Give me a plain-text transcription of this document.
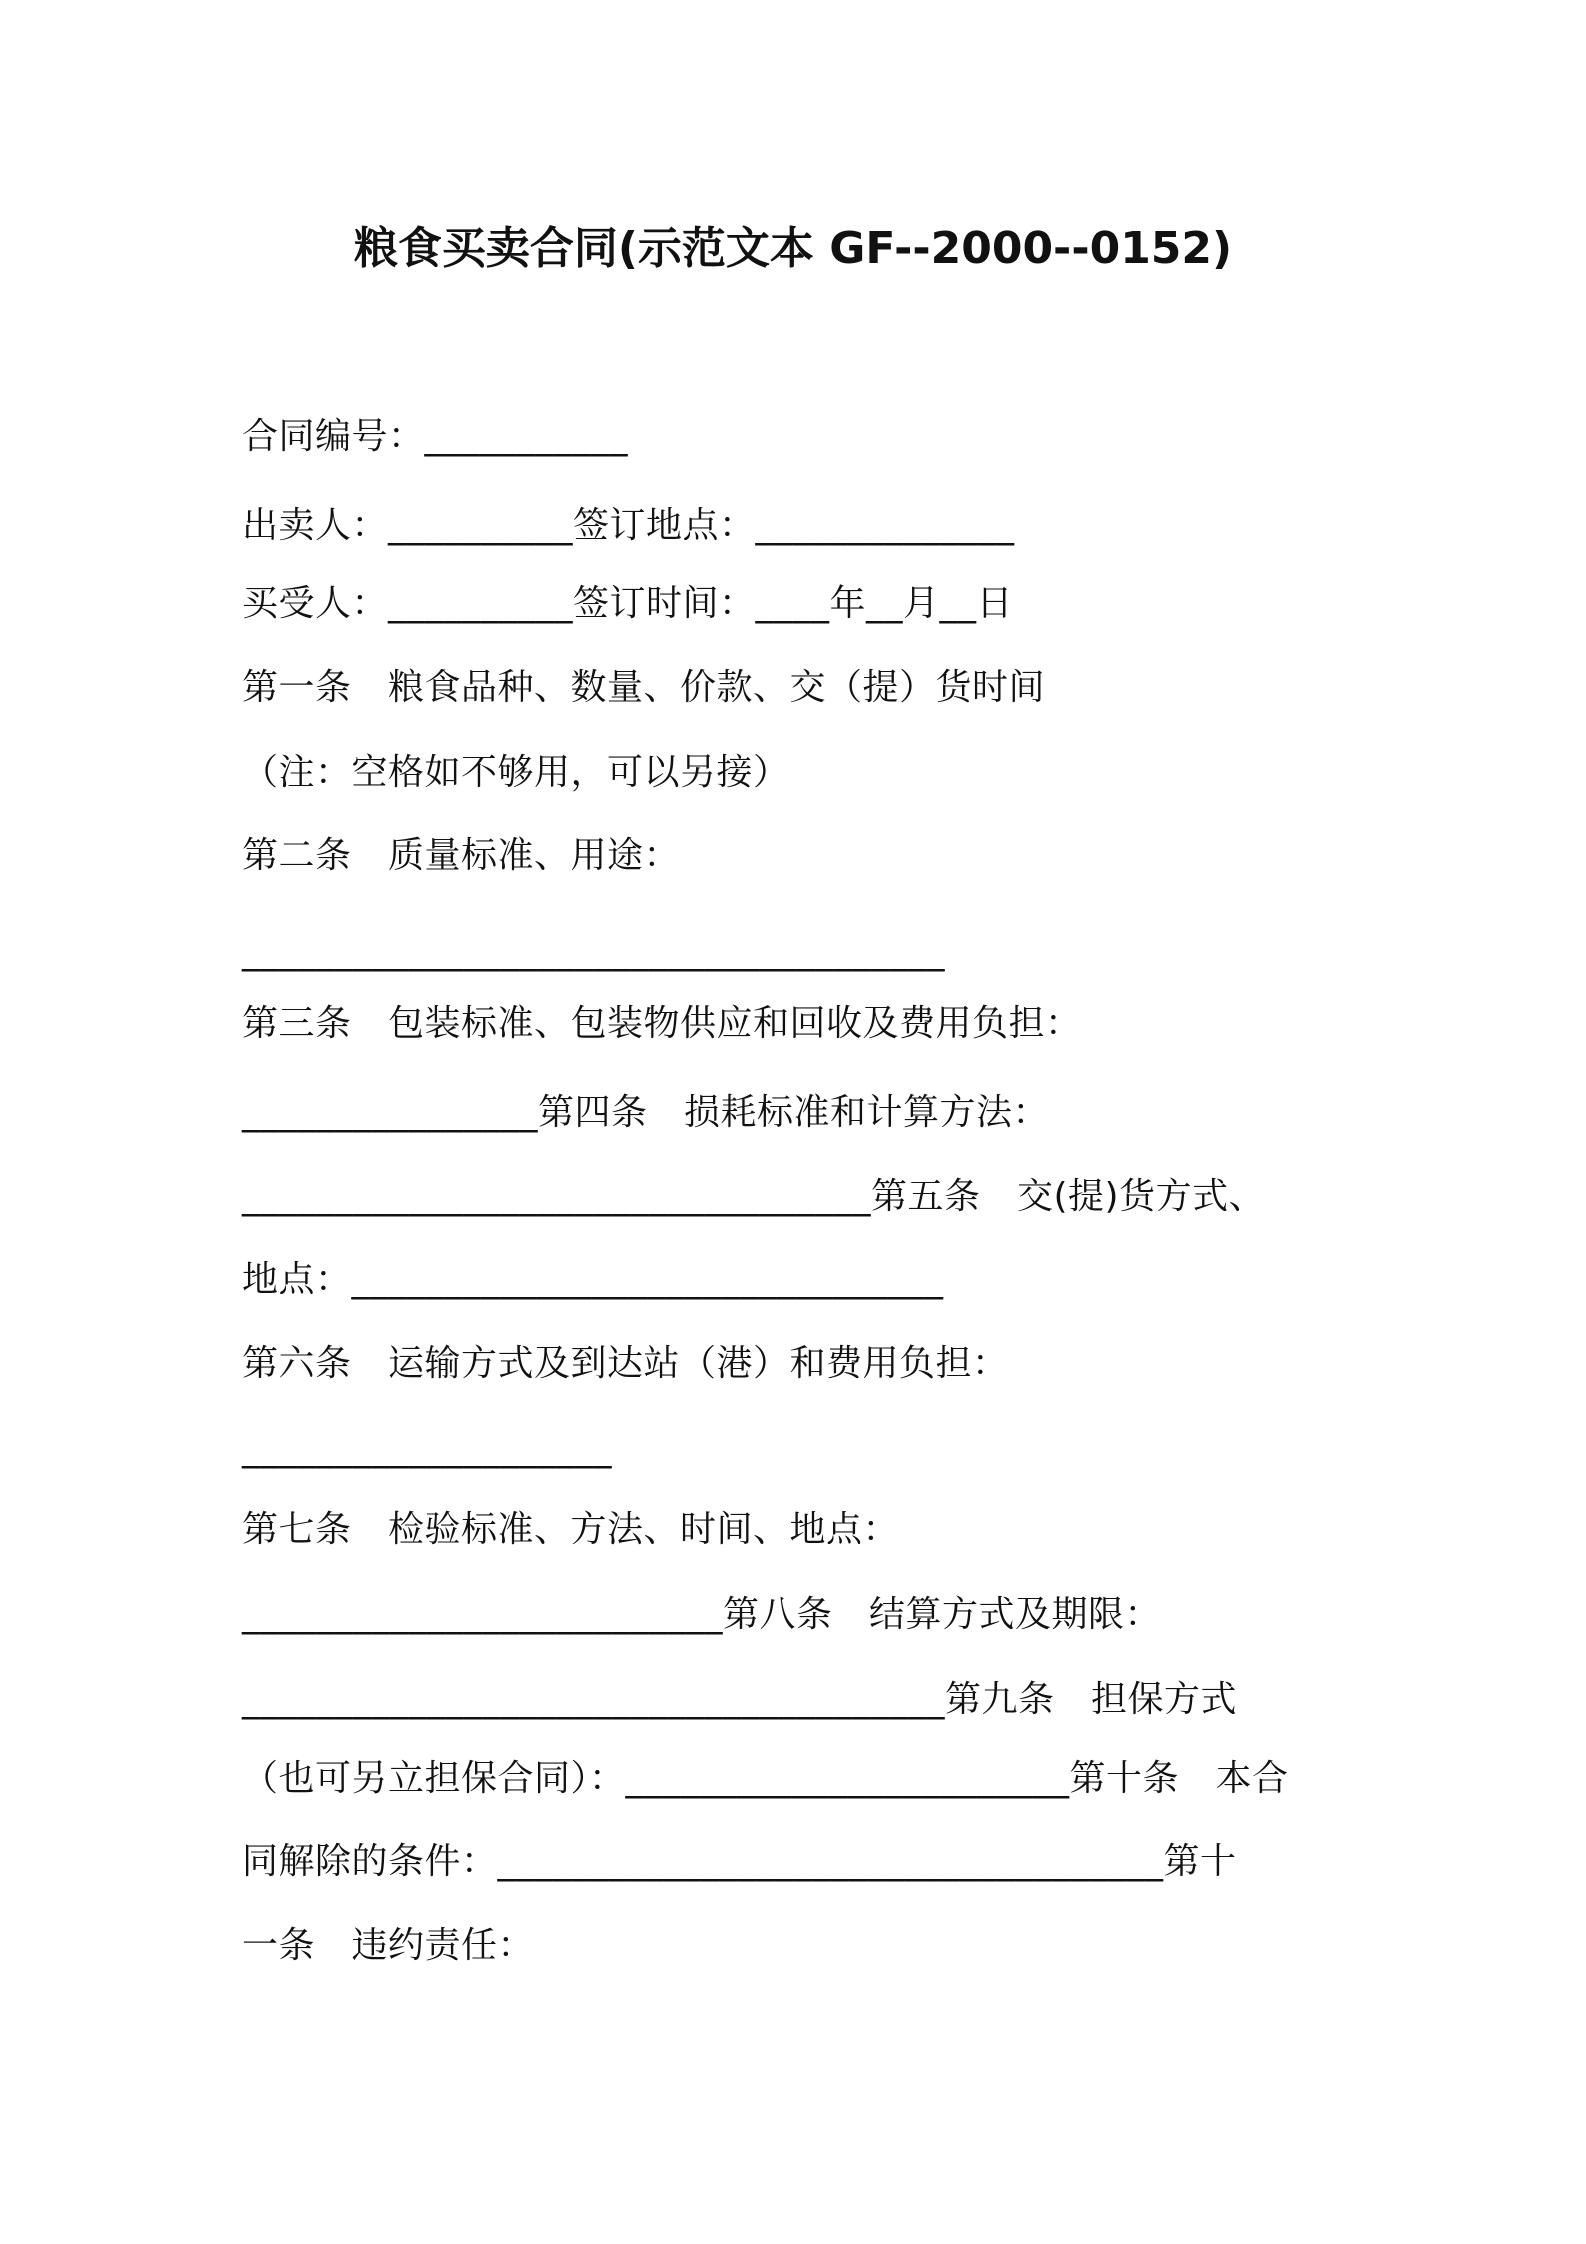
粮食买卖合同(示范文本 GF--2000--0152)
合同编号：___________
出卖人：__________签订地点：______________
买受人：__________签订时间：____年__月__日
第一条　粮食品种、数量、价款、交（提）货时间
（注：空格如不够用，可以另接）
第二条　质量标准、用途：
______________________________________
第三条　包装标准、包装物供应和回收及费用负担：
________________第四条　损耗标准和计算方法：
__________________________________第五条　交(提)货方式、
地点：________________________________
第六条　运输方式及到达站（港）和费用负担：
____________________
第七条　检验标准、方法、时间、地点：
__________________________第八条　结算方式及期限：
______________________________________第九条　担保方式
（也可另立担保合同）：________________________第十条　本合
同解除的条件：____________________________________第十
一条　违约责任：
